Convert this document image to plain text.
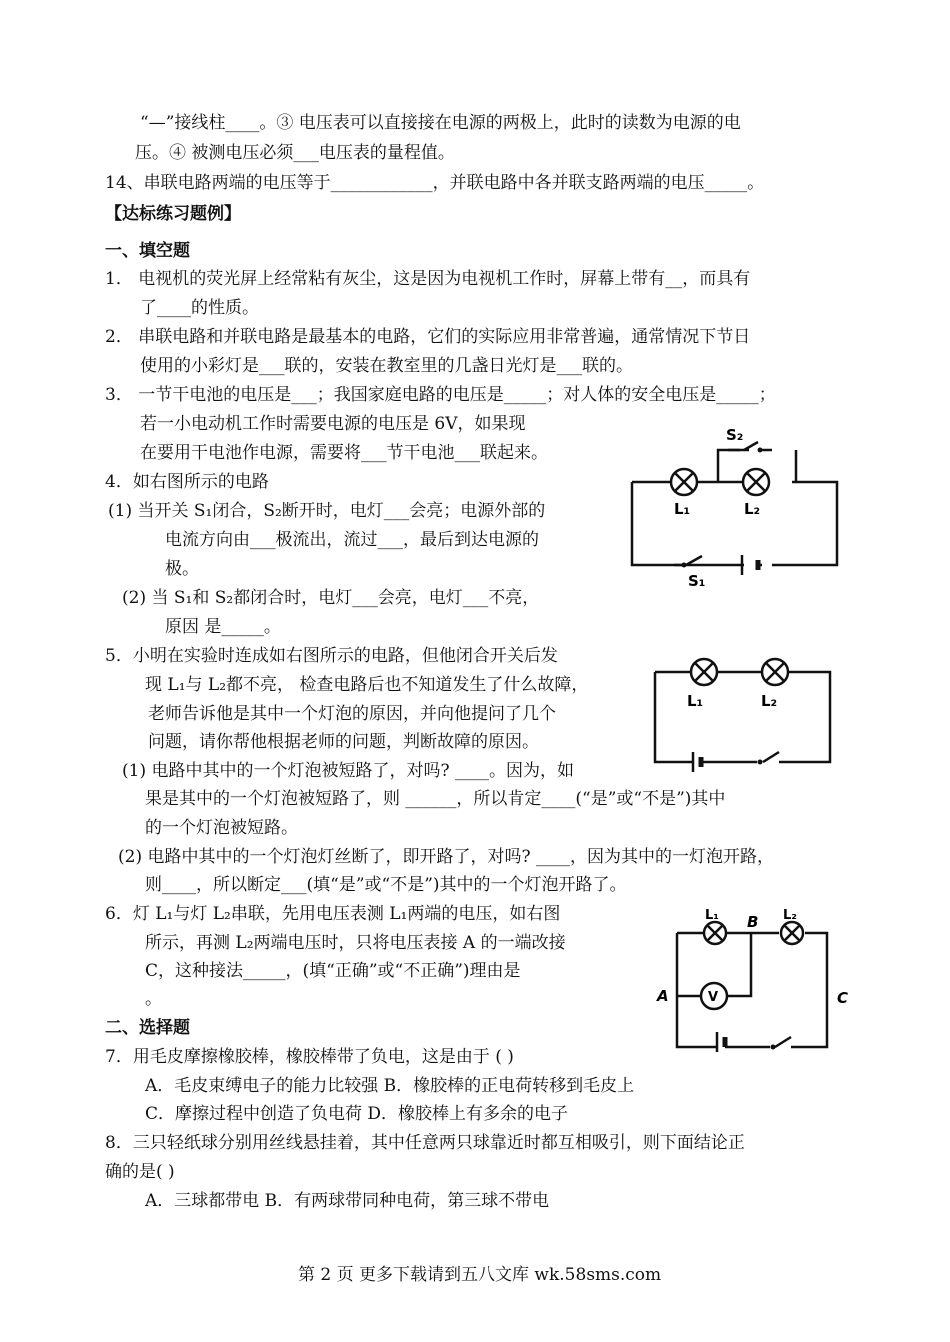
“—”接线柱____。③ 电压表可以直接接在电源的两极上，此时的读数为电源的电
压。④ 被测电压必须___电压表的量程值。
14、串联电路两端的电压等于____________，并联电路中各并联支路两端的电压_____。
【达标练习题例】
一、填空题
1． 电视机的荧光屏上经常粘有灰尘，这是因为电视机工作时，屏幕上带有__，而具有
了____的性质。
2． 串联电路和并联电路是最基本的电路，它们的实际应用非常普遍，通常情况下节日
使用的小彩灯是___联的，安装在教室里的几盏日光灯是___联的。
3． 一节干电池的电压是___；我国家庭电路的电压是_____；对人体的安全电压是_____；
若一小电动机工作时需要电源的电压是 6V，如果现
在要用干电池作电源，需要将___节干电池___联起来。
4．如右图所示的电路
(1) 当开关 S₁闭合，S₂断开时，电灯___会亮；电源外部的
电流方向由___极流出，流过___，最后到达电源的
极。
(2) 当 S₁和 S₂都闭合时，电灯___会亮，电灯___不亮，
原因 是_____。
5．小明在实验时连成如右图所示的电路，但他闭合开关后发
现 L₁与 L₂都不亮， 检查电路后也不知道发生了什么故障，
老师告诉他是其中一个灯泡的原因，并向他提问了几个
问题，请你帮他根据老师的问题，判断故障的原因。
(1) 电路中其中的一个灯泡被短路了，对吗? ____。因为，如
果是其中的一个灯泡被短路了，则 ______，所以肯定____(“是”或“不是”)其中
的一个灯泡被短路。
(2) 电路中其中的一个灯泡灯丝断了，即开路了，对吗? ____，因为其中的一灯泡开路，
则____，所以断定___(填“是”或“不是”)其中的一个灯泡开路了。
6．灯 L₁与灯 L₂串联，先用电压表测 L₁两端的电压，如右图
所示，再测 L₂两端电压时，只将电压表接 A 的一端改接
C，这种接法_____，(填“正确”或“不正确”)理由是
。
二、选择题
7．用毛皮摩擦橡胶棒，橡胶棒带了负电，这是由于 ( )
A．毛皮束缚电子的能力比较强 B．橡胶棒的正电荷转移到毛皮上
C．摩擦过程中创造了负电荷 D．橡胶棒上有多余的电子
8．三只轻纸球分别用丝线悬挂着，其中任意两只球靠近时都互相吸引，则下面结论正
确的是( )
A．三球都带电 B．有两球带同种电荷，第三球不带电
第 2 页 更多下载请到五八文库 wk.58sms.com
S₂
L₁	L₂
S₁
L₁	L₂
V
L₁ B L₂
A	C
